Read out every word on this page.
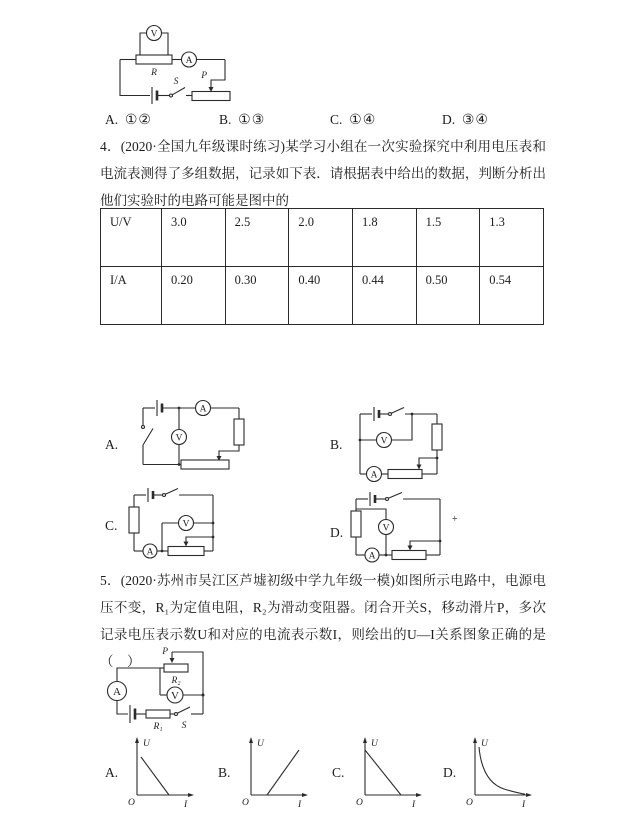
V
R
A
P
S
A. ①②	B. ①③	C. ①④	D. ③④

4．(2020·全国九年级课时练习)某学习小组在一次实验探究中利用电压表和电流表测得了多组数据，记录如下表．请根据表中给出的数据，判断分析出他们实验时的电路可能是图中的

U/V	3.0	2.5	2.0	1.8	1.5	1.3
I/A	0.20	0.30	0.40	0.44	0.50	0.54
A.
A
V	B.
A
V
C.
A
V
D.	V
A
+

5．(2020·苏州市吴江区芦墟初级中学九年级一模)如图所示电路中，电源电压不变，R₁为定值电阻，R₂为滑动变阻器。闭合开关S，移动滑片P，多次记录电压表示数U和对应的电流表示数I，则绘出的U—I关系图象正确的是（　）

A
R₂
P
V
R₁ S
A.
U
I
O
B.
U
I
O
C.
U
I
O
D.
U
I
O
